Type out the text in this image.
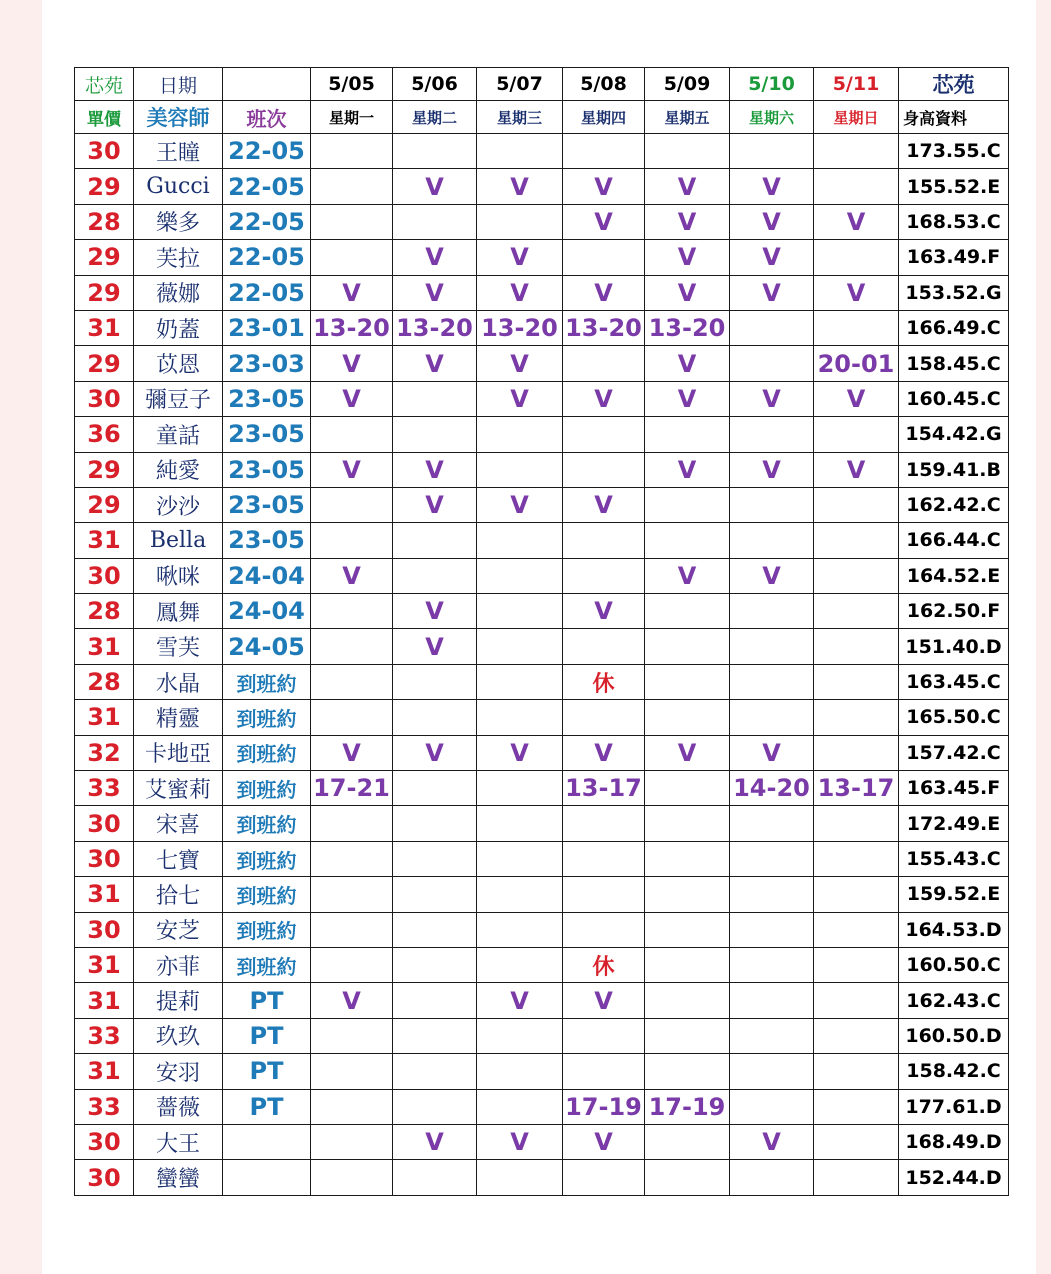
芯苑	日期		5/05	5/06	5/07	5/08	5/09	5/10	5/11	芯苑
單價	美容師	班次	星期一	星期二	星期三	星期四	星期五	星期六	星期日	身高資料
30	王瞳	22-05								173.55.C
29	Gucci	22-05		V	V	V	V	V		155.52.E
28	樂多	22-05				V	V	V	V	168.53.C
29	芙拉	22-05		V	V		V	V		163.49.F
29	薇娜	22-05	V	V	V	V	V	V	V	153.52.G
31	奶蓋	23-01	13-20	13-20	13-20	13-20	13-20			166.49.C
29	苡恩	23-03	V	V	V		V		20-01	158.45.C
30	彌豆子	23-05	V		V	V	V	V	V	160.45.C
36	童話	23-05								154.42.G
29	純愛	23-05	V	V			V	V	V	159.41.B
29	沙沙	23-05		V	V	V				162.42.C
31	Bella	23-05								166.44.C
30	啾咪	24-04	V				V	V		164.52.E
28	鳳舞	24-04		V		V				162.50.F
31	雪芙	24-05		V						151.40.D
28	水晶	到班約				休				163.45.C
31	精靈	到班約								165.50.C
32	卡地亞	到班約	V	V	V	V	V	V		157.42.C
33	艾蜜莉	到班約	17-21			13-17		14-20	13-17	163.45.F
30	宋喜	到班約								172.49.E
30	七寶	到班約								155.43.C
31	拾七	到班約								159.52.E
30	安芝	到班約								164.53.D
31	亦菲	到班約				休				160.50.C
31	提莉	PT	V		V	V				162.43.C
33	玖玖	PT								160.50.D
31	安羽	PT								158.42.C
33	薔薇	PT				17-19	17-19			177.61.D
30	大王			V	V	V		V		168.49.D
30	蠻蠻									152.44.D
